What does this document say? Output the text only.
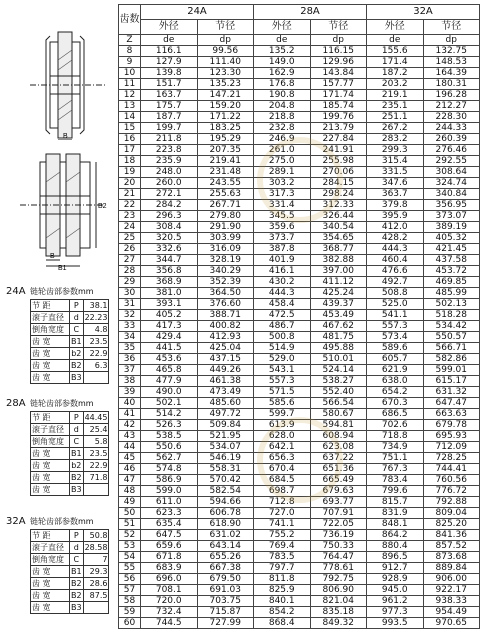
B
B
B1
B2
24A 链轮齿部参数mm
节 距	P	38.1
滚子直径	d	22.23
倒角宽度	C	4.8
齿 宽	B1	23.5
齿 宽	b2	22.9
齿 宽	B2	6.3
齿 宽	B3	
28A 链轮齿部参数mm
节 距	P	44.45
滚子直径	d	25.4
倒角宽度	C	5.8
齿 宽	B1	23.5
齿 宽	b2	22.9
齿 宽	B2	71.8
齿 宽	B3	
32A 链轮齿部参数mm
节 距	P	50.8
滚子直径	d	28.58
倒角宽度	C	7
齿 宽	B1	29.3
齿 宽	B2	28.6
齿 宽	B2	87.5
齿 宽	B3	
齿数	24A		28A		32A	
	外径	节径	外径	节径	外径	节径
Z	de	dp	de	dp	de	dp
8	116.1	99.56	135.2	116.15	155.6	132.75
9	127.9	111.40	149.0	129.96	171.4	148.53
10	139.8	123.30	162.9	143.84	187.2	164.39
11	151.7	135.23	176.8	157.77	203.2	180.31
12	163.7	147.21	190.8	171.74	219.1	196.28
13	175.7	159.20	204.8	185.74	235.1	212.27
14	187.7	171.22	218.8	199.76	251.1	228.30
15	199.7	183.25	232.8	213.79	267.2	244.33
16	211.8	195.29	246.9	227.84	283.2	260.39
17	223.8	207.35	261.0	241.91	299.3	276.46
18	235.9	219.41	275.0	255.98	315.4	292.55
19	248.0	231.48	289.1	270.06	331.5	308.64
20	260.0	243.55	303.2	284.15	347.6	324.74
21	272.1	255.63	317.3	298.24	363.7	340.84
22	284.2	267.71	331.4	312.33	379.8	356.95
23	296.3	279.80	345.5	326.44	395.9	373.07
24	308.4	291.90	359.6	340.54	412.0	389.19
25	320.5	303.99	373.7	354.65	428.2	405.32
26	332.6	316.09	387.8	368.77	444.3	421.45
27	344.7	328.19	401.9	382.88	460.4	437.58
28	356.8	340.29	416.1	397.00	476.6	453.72
29	368.9	352.39	430.2	411.12	492.7	469.85
30	381.0	364.50	444.3	425.24	508.8	485.99
31	393.1	376.60	458.4	439.37	525.0	502.13
32	405.2	388.71	472.5	453.49	541.1	518.28
33	417.3	400.82	486.7	467.62	557.3	534.42
34	429.4	412.93	500.8	481.75	573.4	550.57
35	441.5	425.04	514.9	495.88	589.6	566.71
36	453.6	437.15	529.0	510.01	605.7	582.86
37	465.8	449.26	543.1	524.14	621.9	599.01
38	477.9	461.38	557.3	538.27	638.0	615.17
39	490.0	473.49	571.5	552.40	654.2	631.32
40	502.1	485.60	585.6	566.54	670.3	647.47
41	514.2	497.72	599.7	580.67	686.5	663.63
42	526.3	509.84	613.9	594.81	702.6	679.78
43	538.5	521.95	628.0	608.94	718.8	695.93
44	550.6	534.07	642.1	623.08	734.9	712.09
45	562.7	546.19	656.3	637.22	751.1	728.25
46	574.8	558.31	670.4	651.36	767.3	744.41
47	586.9	570.42	684.5	665.49	783.4	760.56
48	599.0	582.54	698.7	679.63	799.6	776.72
49	611.0	594.66	712.8	693.77	815.7	792.88
50	623.3	606.78	727.0	707.91	831.9	809.04
51	635.4	618.90	741.1	722.05	848.1	825.20
52	647.5	631.02	755.2	736.19	864.2	841.36
53	659.6	643.14	769.4	750.33	880.4	857.52
54	671.8	655.26	783.5	764.47	896.5	873.68
55	683.9	667.38	797.7	778.61	912.7	889.84
56	696.0	679.50	811.8	792.75	928.9	906.00
57	708.1	691.03	825.9	806.90	945.0	922.17
58	720.0	703.75	840.1	821.04	961.2	938.33
59	732.4	715.87	854.2	835.18	977.3	954.49
60	744.5	727.99	868.4	849.32	993.5	970.65
